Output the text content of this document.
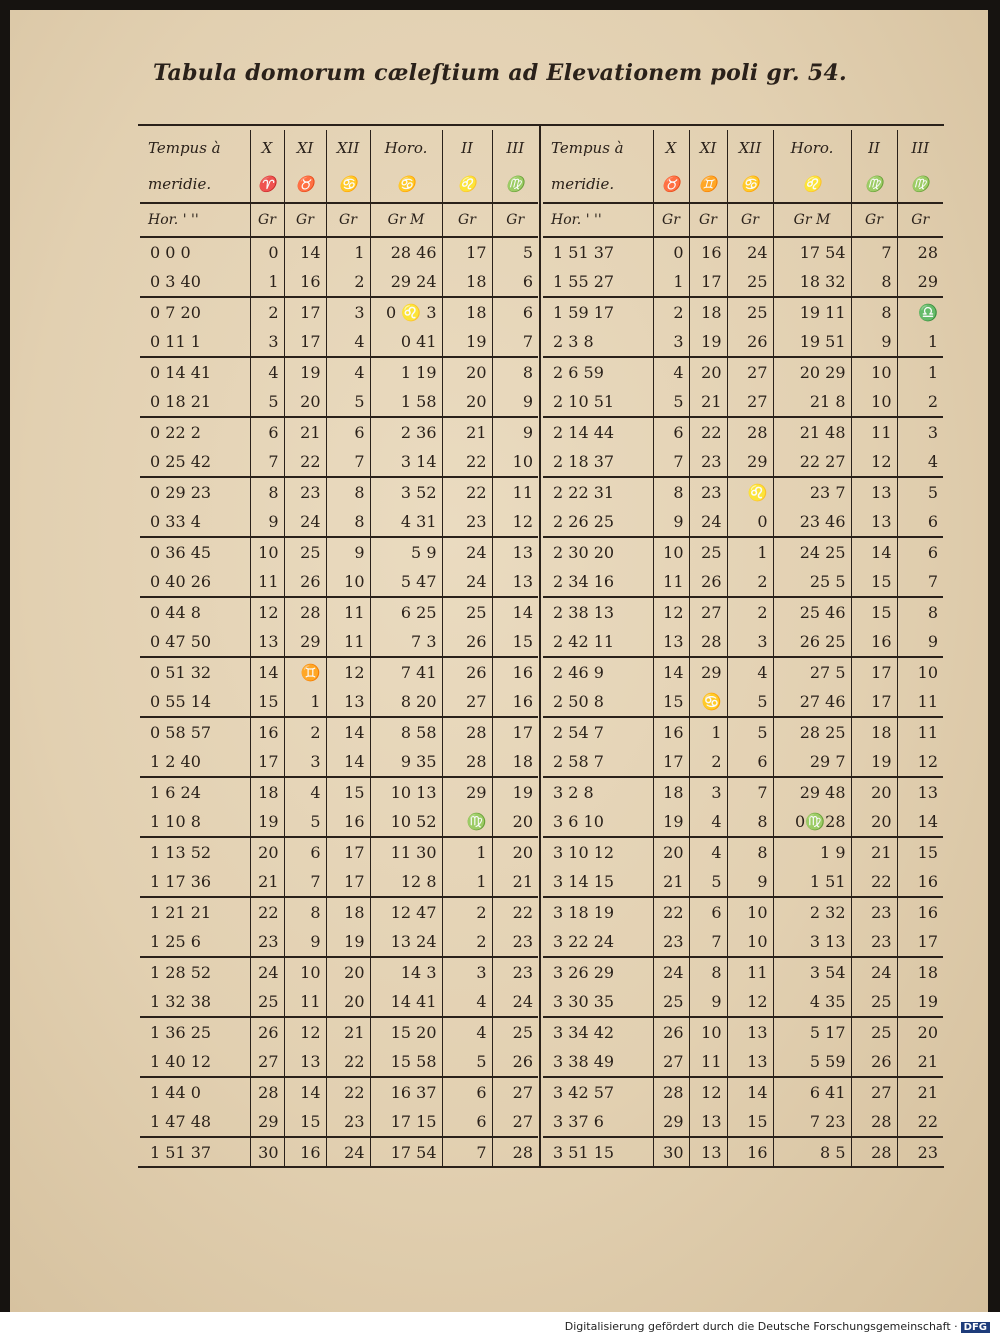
Tabula domorum cæleſtium ad Elevationem poli gr. 54.
Tempus à	X	XI	XII	Horo.	II	III
meridie.	♈	♉	♋	♋	♌	♍
Hor. ' ''	Gr	Gr	Gr	Gr M	Gr	Gr
0 0 0	0	14	1	28 46	17	5
0 3 40	1	16	2	29 24	18	6
0 7 20	2	17	3	0 ♌ 3	18	6
0 11 1	3	17	4	0 41	19	7
0 14 41	4	19	4	1 19	20	8
0 18 21	5	20	5	1 58	20	9
0 22 2	6	21	6	2 36	21	9
0 25 42	7	22	7	3 14	22	10
0 29 23	8	23	8	3 52	22	11
0 33 4	9	24	8	4 31	23	12
0 36 45	10	25	9	5 9	24	13
0 40 26	11	26	10	5 47	24	13
0 44 8	12	28	11	6 25	25	14
0 47 50	13	29	11	7 3	26	15
0 51 32	14	♊	12	7 41	26	16
0 55 14	15	1	13	8 20	27	16
0 58 57	16	2	14	8 58	28	17
1 2 40	17	3	14	9 35	28	18
1 6 24	18	4	15	10 13	29	19
1 10 8	19	5	16	10 52	♍	20
1 13 52	20	6	17	11 30	1	20
1 17 36	21	7	17	12 8	1	21
1 21 21	22	8	18	12 47	2	22
1 25 6	23	9	19	13 24	2	23
1 28 52	24	10	20	14 3	3	23
1 32 38	25	11	20	14 41	4	24
1 36 25	26	12	21	15 20	4	25
1 40 12	27	13	22	15 58	5	26
1 44 0	28	14	22	16 37	6	27
1 47 48	29	15	23	17 15	6	27
1 51 37	30	16	24	17 54	7	28
Tempus à	X	XI	XII	Horo.	II	III
meridie.	♉	♊	♋	♌	♍	♍
Hor. ' ''	Gr	Gr	Gr	Gr M	Gr	Gr
1 51 37	0	16	24	17 54	7	28
1 55 27	1	17	25	18 32	8	29
1 59 17	2	18	25	19 11	8	♎
2 3 8	3	19	26	19 51	9	1
2 6 59	4	20	27	20 29	10	1
2 10 51	5	21	27	21 8	10	2
2 14 44	6	22	28	21 48	11	3
2 18 37	7	23	29	22 27	12	4
2 22 31	8	23	♌	23 7	13	5
2 26 25	9	24	0	23 46	13	6
2 30 20	10	25	1	24 25	14	6
2 34 16	11	26	2	25 5	15	7
2 38 13	12	27	2	25 46	15	8
2 42 11	13	28	3	26 25	16	9
2 46 9	14	29	4	27 5	17	10
2 50 8	15	♋	5	27 46	17	11
2 54 7	16	1	5	28 25	18	11
2 58 7	17	2	6	29 7	19	12
3 2 8	18	3	7	29 48	20	13
3 6 10	19	4	8	0♍28	20	14
3 10 12	20	4	8	1 9	21	15
3 14 15	21	5	9	1 51	22	16
3 18 19	22	6	10	2 32	23	16
3 22 24	23	7	10	3 13	23	17
3 26 29	24	8	11	3 54	24	18
3 30 35	25	9	12	4 35	25	19
3 34 42	26	10	13	5 17	25	20
3 38 49	27	11	13	5 59	26	21
3 42 57	28	12	14	6 41	27	21
3 37 6	29	13	15	7 23	28	22
3 51 15	30	13	16	8 5	28	23
Digitalisierung gefördert durch die Deutsche Forschungsgemeinschaft · DFG
